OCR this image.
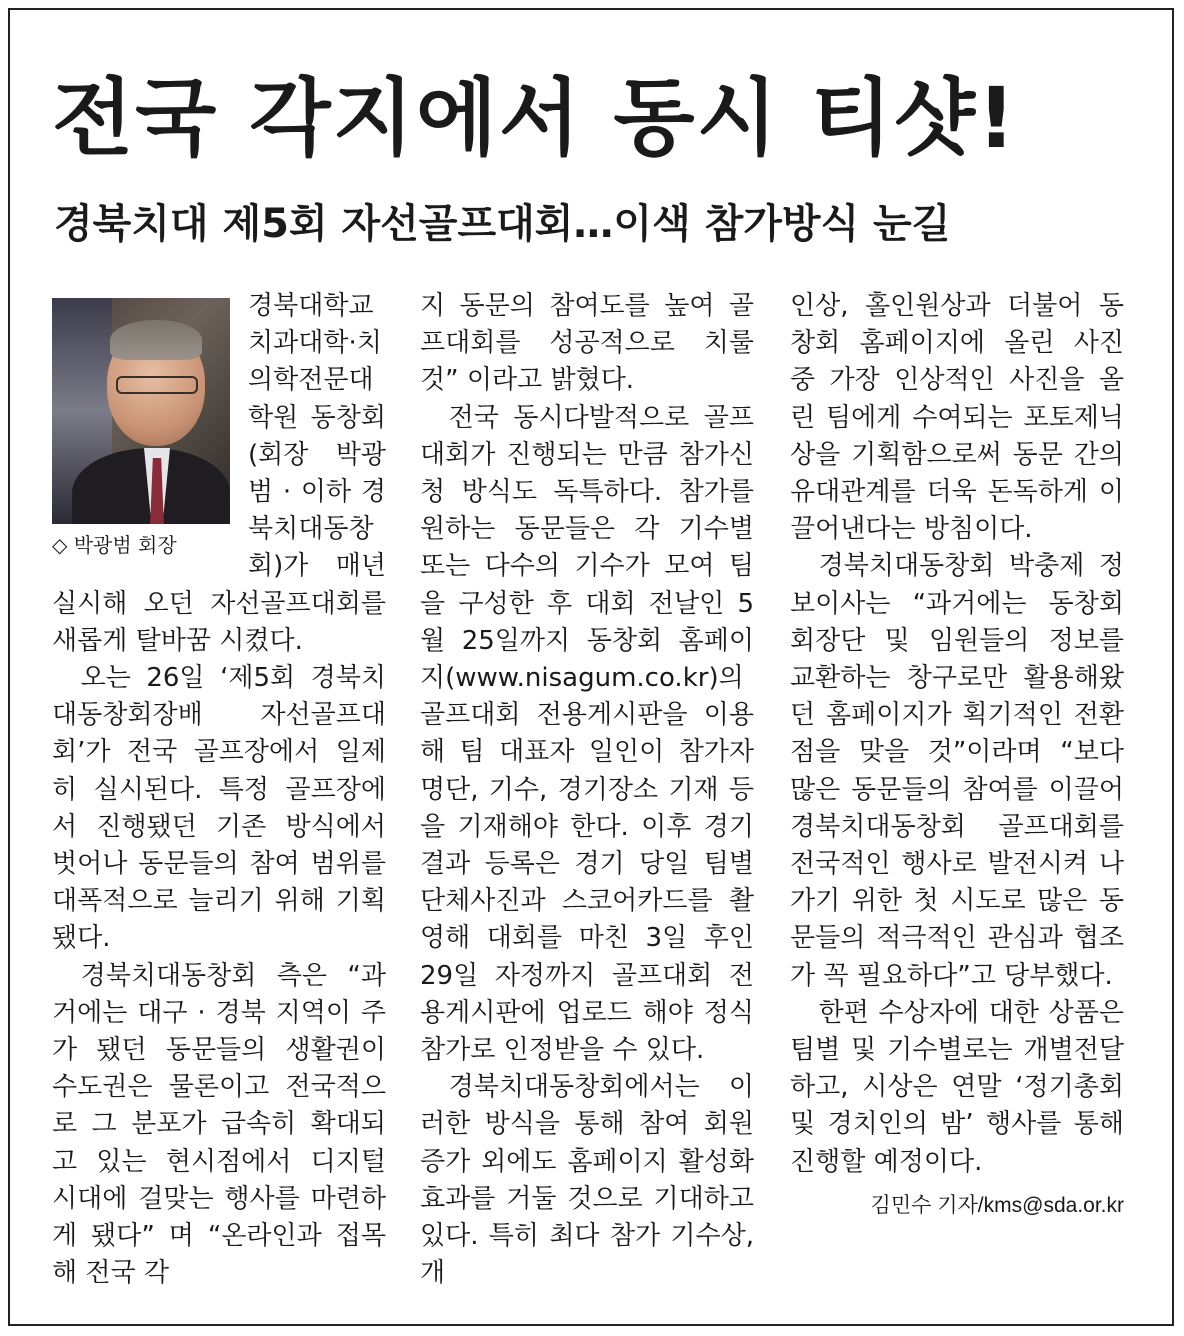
전국 각지에서 동시 티샷!
경북치대 제5회 자선골프대회…이색 참가방식 눈길
◇ 박광범 회장

경북대학교 치과대학·치의학전문대학원 동창회(회장 박광범 · 이하 경북치대동창회)가 매년 실시해 오던 자선골프대회를 새롭게 탈바꿈 시켰다.

오는 26일 ‘제5회 경북치대동창회장배 자선골프대회’가 전국 골프장에서 일제히 실시된다. 특정 골프장에서 진행됐던 기존 방식에서 벗어나 동문들의 참여 범위를 대폭적으로 늘리기 위해 기획됐다.

경북치대동창회 측은 “과거에는 대구 · 경북 지역이 주가 됐던 동문들의 생활권이 수도권은 물론이고 전국적으로 그 분포가 급속히 확대되고 있는 현시점에서 디지털 시대에 걸맞는 행사를 마련하게 됐다” 며 “온라인과 접목해 전국 각

지 동문의 참여도를 높여 골프대회를 성공적으로 치룰 것” 이라고 밝혔다.

전국 동시다발적으로 골프대회가 진행되는 만큼 참가신청 방식도 독특하다. 참가를 원하는 동문들은 각 기수별 또는 다수의 기수가 모여 팀을 구성한 후 대회 전날인 5월 25일까지 동창회 홈페이지(www.nisagum.co.kr)의 골프대회 전용게시판을 이용해 팀 대표자 일인이 참가자 명단, 기수, 경기장소 기재 등을 기재해야 한다. 이후 경기결과 등록은 경기 당일 팀별 단체사진과 스코어카드를 촬영해 대회를 마친 3일 후인 29일 자정까지 골프대회 전용게시판에 업로드 해야 정식 참가로 인정받을 수 있다.

경북치대동창회에서는 이러한 방식을 통해 참여 회원 증가 외에도 홈페이지 활성화 효과를 거둘 것으로 기대하고 있다. 특히 최다 참가 기수상, 개

인상, 홀인원상과 더불어 동창회 홈페이지에 올린 사진 중 가장 인상적인 사진을 올린 팀에게 수여되는 포토제닉상을 기획함으로써 동문 간의 유대관계를 더욱 돈독하게 이끌어낸다는 방침이다.

경북치대동창회 박충제 정보이사는 “과거에는 동창회 회장단 및 임원들의 정보를 교환하는 창구로만 활용해왔던 홈페이지가 획기적인 전환점을 맞을 것”이라며 “보다 많은 동문들의 참여를 이끌어 경북치대동창회 골프대회를 전국적인 행사로 발전시켜 나가기 위한 첫 시도로 많은 동문들의 적극적인 관심과 협조가 꼭 필요하다”고 당부했다.

한편 수상자에 대한 상품은 팀별 및 기수별로는 개별전달하고, 시상은 연말 ‘정기총회 및 경치인의 밤’ 행사를 통해 진행할 예정이다.

김민수 기자/kms@sda.or.kr
